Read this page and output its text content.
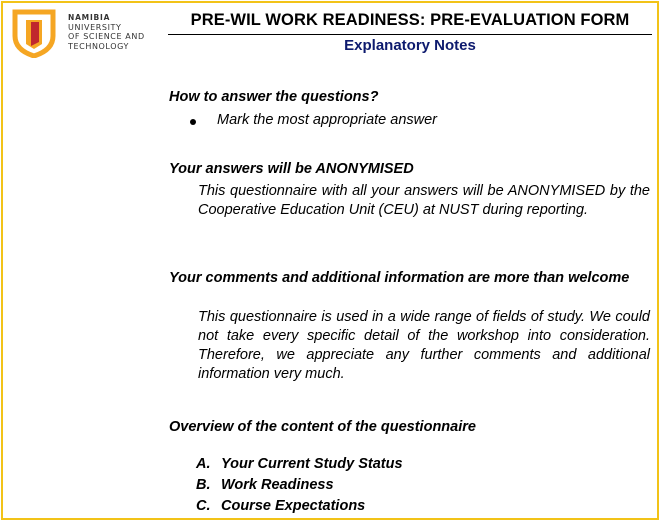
NAMIBIA
UNIVERSITY
OF SCIENCE AND
TECHNOLOGY
PRE-WIL WORK READINESS: PRE-EVALUATION FORM
Explanatory Notes
How to answer the questions?
Mark the most appropriate answer
Your answers will be ANONYMISED
This questionnaire with all your answers will be ANONYMISED by the Cooperative Education Unit (CEU) at NUST during reporting.
Your comments and additional information are more than welcome
This questionnaire is used in a wide range of fields of study. We could not take every specific detail of the workshop into consideration. Therefore, we appreciate any further comments and additional information very much.
Overview of the content of the questionnaire
A. Your Current Study Status
B. Work Readiness
C. Course Expectations
